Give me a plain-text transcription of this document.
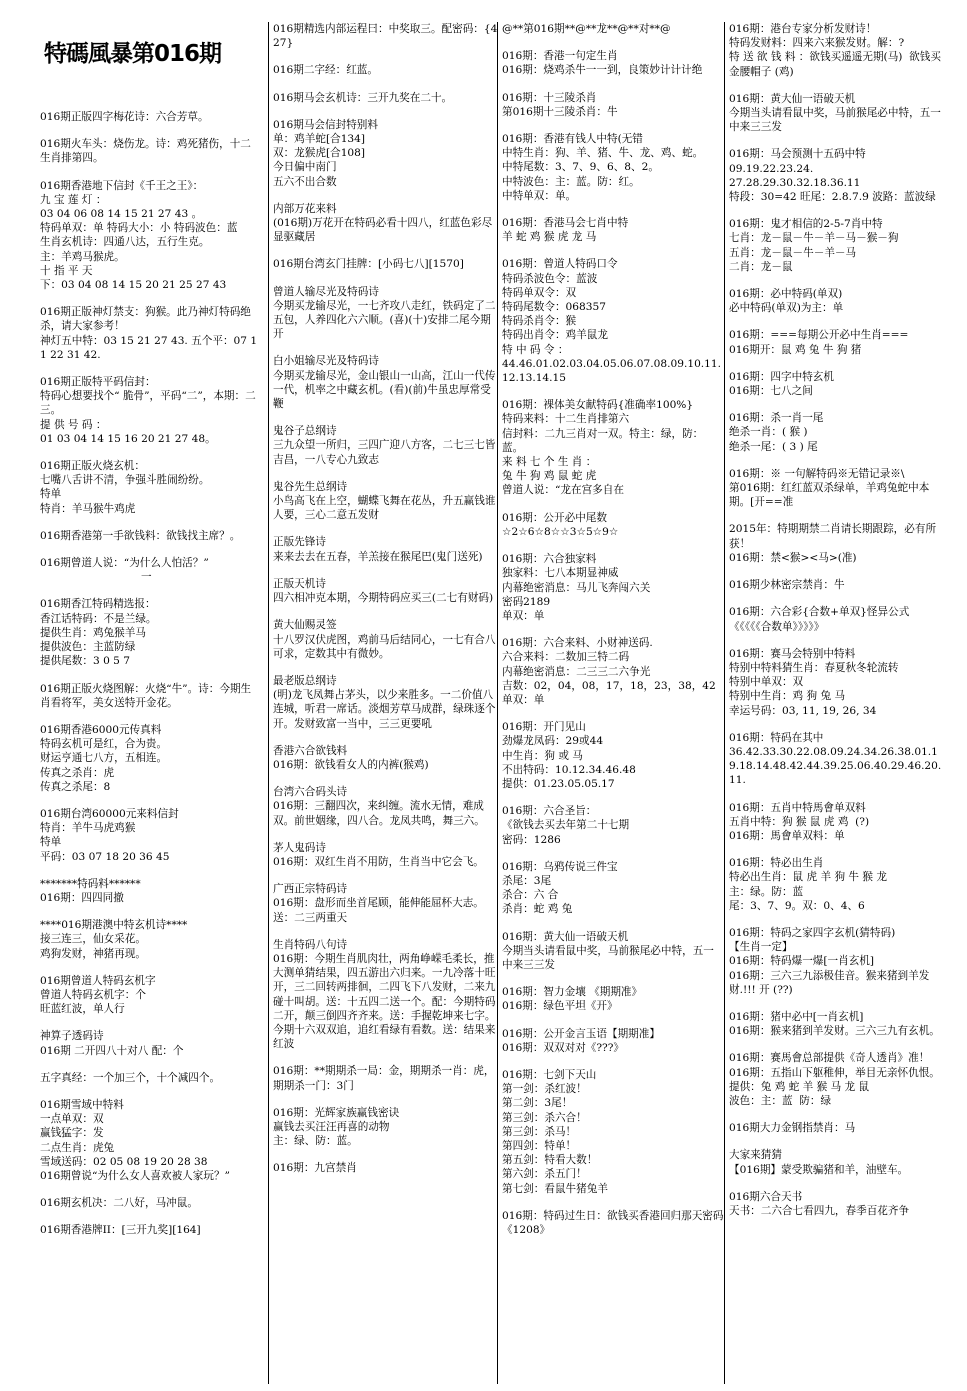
特碼風暴第016期
016期正版四字梅花诗：六合芳草。
016期火车头：烧伤龙。诗：鸡死猪伤，十二生肖排第四。
016期香港地下信封《千王之王》：
九 宝 莲 灯 ：
03 04 06 08 14 15 21 27 43 。
特码单双：单 特码大小：小 特码波色：蓝
生肖玄机诗：四通八达，五行生克。
主：羊鸡马猴虎。
十 指 平 天
下：03 04 08 14 15 20 21 25 27 43
016期正版神灯禁支：狗猴。此乃神灯特码绝杀，请大家参考！
神灯五中特：03 15 21 27 43. 五个平：07 11 22 31 42.
016期正版特平码信封：
特码心想要找个“ 脆骨”，平码“二”，本期：二三。
提 供 号 码 ：
01 03 04 14 15 16 20 21 27 48。
016期正版火烧玄机：
七嘴八舌讲不清，争强斗胜闹纷纷。
特单
特肖：羊马猴牛鸡虎
016期香港第一手欲钱料：欲钱找主席？。
016期曾道人说：“为什么人怕活？”
一
016期香江特码精选报：
香江话特码：不是兰绿。
提供生肖：鸡兔猴羊马
提供波色：主蓝防绿
提供尾数：3 0 5 7
016期正版火烧图解：火烧“牛”。诗：今期生肖看将军，美女送特开金花。
016期香港6000元传真料
特码玄机可是红，合为贵。
财运亨通七八方，五相连。
传真之杀肖：虎
传真之杀尾：8
016期台湾60000元来料信封
特肖：羊牛马虎鸡猴
特单
平码：03 07 18 20 36 45
*******特码料******
016期：四四同撤
****016期港澳中特玄机诗****
接三连三，仙女采花。
鸡狗发财，神猪再现。
016期曾道人特码玄机字
曾道人特码玄机字：个
旺蓝红波，单人行
神算子透码诗
016期 二开四八十对八 配：个
五字真经：一个加三个，十个减四个。
016期雪域中特料
一点单双：双
赢钱猛字：发
二点生肖：虎兔
雪域送码：02 05 08 19 20 28 38
016期曾说“为什么女人喜欢被人家玩？”
016期玄机决：二八好，马冲鼠。
016期香港牌II：[三开九奖][164]
016期精选内部运程曰：中奖取三。配密码：{427}
016期二字经：红蓝。
016期马会玄机诗：三开九奖在二十。
016期马会信封特别料
单：鸡羊蛇[合134]
双：龙猴虎[合108]
今日偏中南门
五六不出合数
内部万花来料
(016期)万花开在特码必看十四八，红蓝色彩尽显驱藏居
016期台湾玄门挂牌：[小码七八][1570]
曾道人输尽光及特码诗
今期买龙输尽光，一七齐攻八走红，铁码定了二五包，人养四化六六顺。(喜)(十)安排二尾今期开
白小姐输尽光及特码诗
今期买龙输尽光，金山银山一山高，江山一代传一代，机率之中藏玄机。(看)(前)牛虽忠厚常受鞭
鬼谷子总纲诗
三九众望一所归，三四广迎八方客，二七三七皆吉昌，一八专心九致志
鬼谷先生总纲诗
小鸟高飞在上空，蝴蝶飞舞在花丛，升五赢钱谁人要，三心二意五发财
正版先锋诗
来来去去在五春，羊羔接在猴尾巴(鬼门送死)
正版天机诗
四六相冲克本期，今期特码应买三(二七有财码)
黄大仙赐灵签
十八罗汉伏虎图，鸡前马后结同心，一七有合八可求，定数其中有微妙。
最老版总纲诗
(明)龙飞凤舞占茅头，以少来胜多。一二价值八连城，听君一席话。淡烟芳草马成群，绿珠逐个开。发财致富一当中，三三更要吼
香港六合欲钱料
016期：欲钱看女人的内裤(猴鸡)
台湾六合码头诗
016期：三翻四次，来纠缠。流水无情，难成双。前世姻缘，四八合。龙凤共鸣，舞三六。
茅人鬼码诗
016期：双红生肖不用防，生肖当中它会飞。
广西正宗特码诗
016期：盘形而坐首尾顾，能伸能屈杯大志。送：二三两重天
生肖特码八句诗
016期：今期生肖肌肉壮，两角峥嵘毛柔长，推大测单猜结果，四五游出六归来。一九冷落十旺开，三二回转两排徊，二四飞下八发财，二来九碰十叫胡。送：十五四二送一个。配：今期特码二开，颠三倒四齐齐来。送：手握乾坤来七字。今期十六双双追，追红看绿有看数。送：结果来红波
016期：**期期杀一局：金，期期杀一肖：虎，期期杀一门：3门
016期：光辉家族赢钱密诀
赢钱去买汪汪再喜的动物
主：绿、防：蓝。
016期：九宫禁肖
@**第016期**@**龙**@**对**@
016期：香港一句定生肖
016期：烧鸡杀牛一一到，良策妙计计计绝
016期：十三陵杀肖
第016期十三陵杀肖：牛
016期：香港有钱人中特(无错
中特生肖：狗、羊、猪、牛、龙、鸡、蛇。
中特尾数：3、7、9、6、8、2。
中特波色：主：蓝。防：红。
中特单双：单。
016期：香港马会七肖中特
羊 蛇 鸡 猴 虎 龙 马
016期：曾道人特码口令
特码杀波色令：蓝波
特码单双令：双
特码尾数令：068357
特码杀肖令：猴
特码出肖令：鸡羊鼠龙
特 中 码 令 ：
44.46.01.02.03.04.05.06.07.08.09.10.11.12.13.14.15
016期：裸体美女献特码{准确率100%}
特码来料：十二生肖排第六
信封料：二九三肖对一双。特主：绿，防：蓝。
来 料 七 个 生 肖 ：
兔 牛 狗 鸡 鼠 蛇 虎
曾道人说：“龙在宫多自在
016期：公开必中尾数
☆2☆6☆8☆☆3☆5☆9☆
016期：六合独家料
独家料：七八本期显神威
内幕绝密消息：马儿飞奔闯六关
密码2189
单双：单
016期：六合来料、小财神送码.
六合来料：二数加三特二码
内幕绝密消息：二三三二六争光
吉数：02，04，08，17，18，23，38，42
单双：单
016期：开门见山
劲爆龙凤码：29或44
中生肖：狗 或 马
不出特码：10.12.34.46.48
提供：01.23.05.05.17
016期：六合圣旨：
《欲钱去买去年第二十七期
密码：1286
016期：乌鸦传说三件宝
杀尾：3尾
杀合：六 合
杀肖：蛇 鸡 兔
016期：黄大仙一语破天机
今期当头请看鼠中奖，马前猴尾必中特，五一中来三三发
016期：智力金壤 《期期准》
016期：绿色平坦《开》
016期：公开金言玉语【期期准】
016期：双双对对《???》
016期：七剑下天山
第一剑：杀红波！
第二剑：3尾！
第三剑：杀六合！
第三剑：杀马！
第四剑：特单！
第五剑：特看大数！
第六剑：杀五门！
第七剑：看鼠牛猪兔羊
016期：特码过生日：欲钱买香港回归那天密码《1208》
016期：港台专家分析发财诗！
特码发财料：四来六来猴发财。解：?
特 送 欲 钱 料 ：欲钱买遥遥无期(马)  欲钱买金腰帽子 (鸡)
016期：黄大仙一语破天机
今期当头请看鼠中奖，马前猴尾必中特，五一中来三三发
016期：马会预测十五码中特
09.19.22.23.24.
27.28.29.30.32.18.36.11
特段：30=42 旺尾：2.8.7.9 波路：蓝波绿
016期：鬼才相信的2-5-7肖中特
七肖：龙－鼠－牛－羊－马－猴－狗
五肖：龙－鼠－牛－羊－马
二肖：龙－鼠
016期：必中特码(单双)
必中特码(单双)为主：单
016期：===每期公开必中生肖===
016期开：鼠 鸡 兔 牛 狗 猪
016期：四字中特玄机
016期：七八之间
016期：杀一肖一尾
绝杀一肖：( 猴 )
绝杀一尾：( 3 ) 尾
016期：※ 一句解特码※无错记录※\
第016期：红红蓝双杀绿单，羊鸡兔蛇中本期。[开==准
2015年：特期期禁二肖请长期跟踪，必有所获！
016期：禁<猴><马>(准)
016期少林密宗禁肖：牛
016期：六合彩{合数+单双}怪异公式
《《《《《合数单》》》》》
016期：赛马会特别中特料
特别中特料猜生肖：春夏秋冬轮流转
特别中单双：双
特别中生肖：鸡 狗 兔 马
幸运号码：03, 11, 19, 26, 34
016期：特码在其中
36.42.33.30.22.08.09.24.34.26.38.01.19.18.14.48.42.44.39.25.06.40.29.46.20.11.
016期：五肖中特馬會单双料
五肖中特：狗 猴 鼠 虎 鸡  (?)
016期：馬會单双料：单
016期：特必出生肖
特必出生肖：鼠 虎 羊 狗 牛 猴 龙
主：绿。防：蓝
尾：3、7、9。双：0、4、6
016期：特码之家四字玄机(猜特码)
【生肖一定】
016期：特码爆一爆[一肖玄机]
016期：三六三九添极佳音。猴来猪到羊发财.!!! 开 (??)
016期：猪中必中[一肖玄机]
016期：猴来猪到羊发财。三六三九有玄机。
016期：赛馬會总部提供《奇人透肖》准！
016期：五指山下躯稚伸，举目无亲怀仇恨。
提供：兔 鸡 蛇 羊 猴 马 龙 鼠
波色：主：蓝  防：绿
016期大力金钢指禁肖：马
大家来猜猜
【016期】蒙受欺骗猪和羊，油壁车。
016期六合天书
天书：二六合七看四九，春季百花齐争
